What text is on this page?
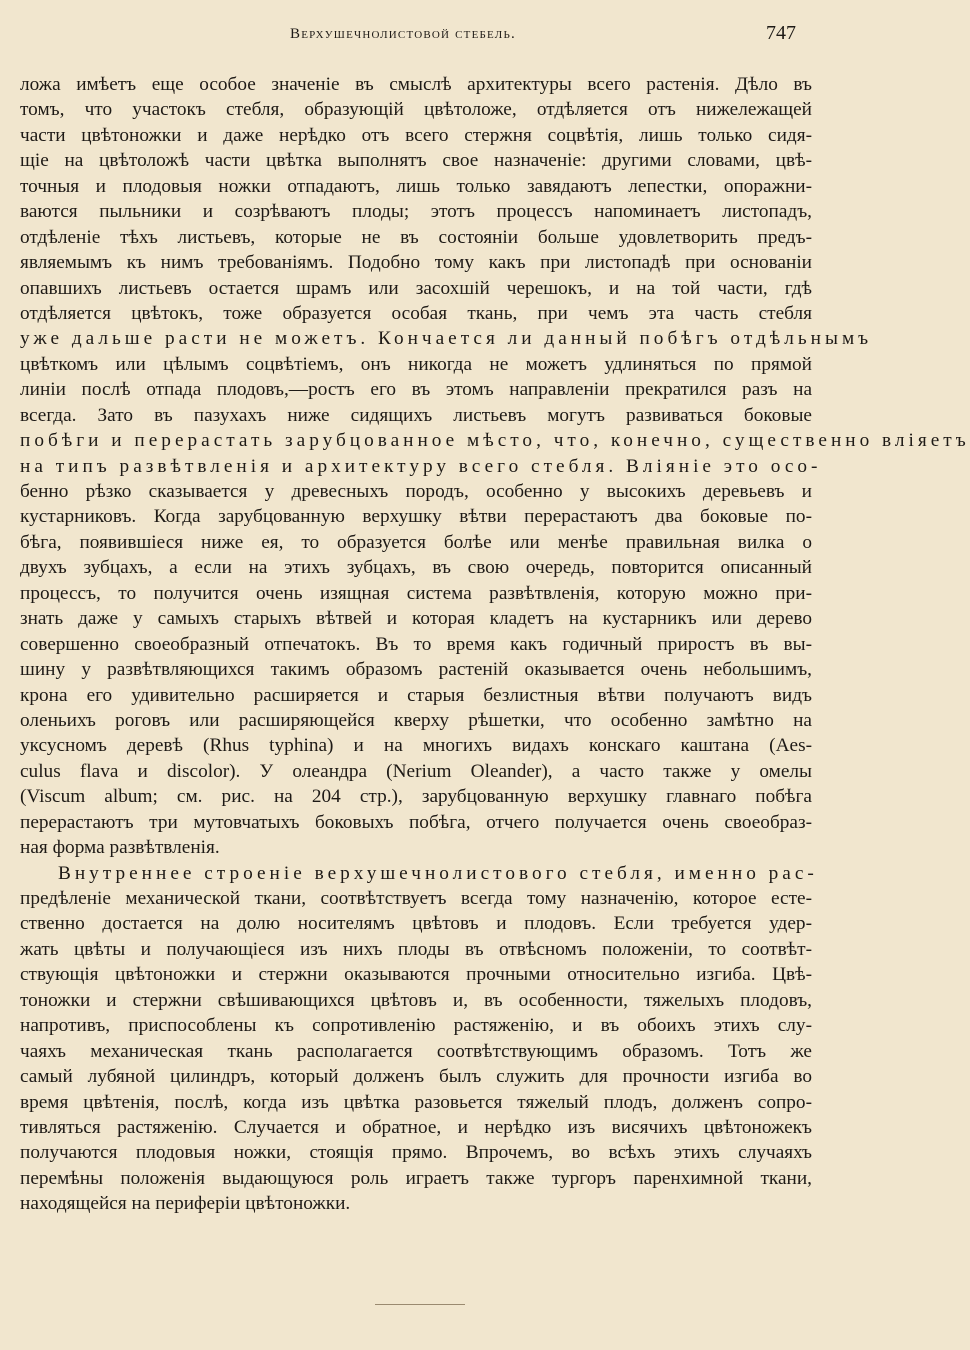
Верхушечнолистовой стебель.	747
ложа имѣетъ еще особое значеніе въ смыслѣ архитектуры всего растенія. Дѣло въ
томъ, что участокъ стебля, образующій цвѣтоложе, отдѣляется отъ нижележащей
части цвѣтоножки и даже нерѣдко отъ всего стержня соцвѣтія, лишь только сидя-
щіе на цвѣтоложѣ части цвѣтка выполнятъ свое назначеніе: другими словами, цвѣ-
точныя и плодовыя ножки отпадаютъ, лишь только завядаютъ лепестки, опоражни-
ваются пыльники и созрѣваютъ плоды; этотъ процессъ напоминаетъ листопадъ,
отдѣленіе тѣхъ листьевъ, которые не въ состояніи больше удовлетворить предъ-
являемымъ къ нимъ требованіямъ. Подобно тому какъ при листопадѣ при основаніи
опавшихъ листьевъ остается шрамъ или засохшій черешокъ, и на той части, гдѣ
отдѣляется цвѣтокъ, тоже образуется особая ткань, при чемъ эта часть стебля
уже дальше расти не можетъ. Кончается ли данный побѣгъ отдѣльнымъ
цвѣткомъ или цѣлымъ соцвѣтіемъ, онъ никогда не можетъ удлиняться по прямой
линіи послѣ отпада плодовъ,—ростъ его въ этомъ направленіи прекратился разъ на
всегда. Зато въ пазухахъ ниже сидящихъ листьевъ могутъ развиваться боковые
побѣги и перерастать зарубцованное мѣсто, что, конечно, существенно вліяетъ
на типъ развѣтвленія и архитектуру всего стебля. Вліяніе это осо-
бенно рѣзко сказывается у древесныхъ породъ, особенно у высокихъ деревьевъ и
кустарниковъ. Когда зарубцованную верхушку вѣтви перерастаютъ два боковые по-
бѣга, появившіеся ниже ея, то образуется болѣе или менѣе правильная вилка о
двухъ зубцахъ, а если на этихъ зубцахъ, въ свою очередь, повторится описанный
процессъ, то получится очень изящная система развѣтвленія, которую можно при-
знать даже у самыхъ старыхъ вѣтвей и которая кладетъ на кустарникъ или дерево
совершенно своеобразный отпечатокъ. Въ то время какъ годичный приростъ въ вы-
шину у развѣтвляющихся такимъ образомъ растеній оказывается очень небольшимъ,
крона его удивительно расширяется и старыя безлистныя вѣтви получаютъ видъ
оленьихъ роговъ или расширяющейся кверху рѣшетки, что особенно замѣтно на
уксусномъ деревѣ (Rhus typhina) и на многихъ видахъ конскаго каштана (Aes-
culus flava и discolor). У олеандра (Nerium Oleander), а часто также у омелы
(Viscum album; см. рис. на 204 стр.), зарубцованную верхушку главнаго побѣга
перерастаютъ три мутовчатыхъ боковыхъ побѣга, отчего получается очень своеобраз-
ная форма развѣтвленія.
Внутреннее строеніе верхушечнолистового стебля, именно рас-
предѣленіе механической ткани, соотвѣтствуетъ всегда тому назначенію, которое есте-
ственно достается на долю носителямъ цвѣтовъ и плодовъ. Если требуется удер-
жать цвѣты и получающіеся изъ нихъ плоды въ отвѣсномъ положеніи, то соотвѣт-
ствующія цвѣтоножки и стержни оказываются прочными относительно изгиба. Цвѣ-
тоножки и стержни свѣшивающихся цвѣтовъ и, въ особенности, тяжелыхъ плодовъ,
напротивъ, приспособлены къ сопротивленію растяженію, и въ обоихъ этихъ слу-
чаяхъ механическая ткань располагается соотвѣтствующимъ образомъ. Тотъ же
самый лубяной цилиндръ, который долженъ былъ служить для прочности изгиба во
время цвѣтенія, послѣ, когда изъ цвѣтка разовьется тяжелый плодъ, долженъ сопро-
тивляться растяженію. Случается и обратное, и нерѣдко изъ висячихъ цвѣтоножекъ
получаются плодовыя ножки, стоящія прямо. Впрочемъ, во всѣхъ этихъ случаяхъ
перемѣны положенія выдающуюся роль играетъ также тургоръ паренхимной ткани,
находящейся на периферіи цвѣтоножки.
